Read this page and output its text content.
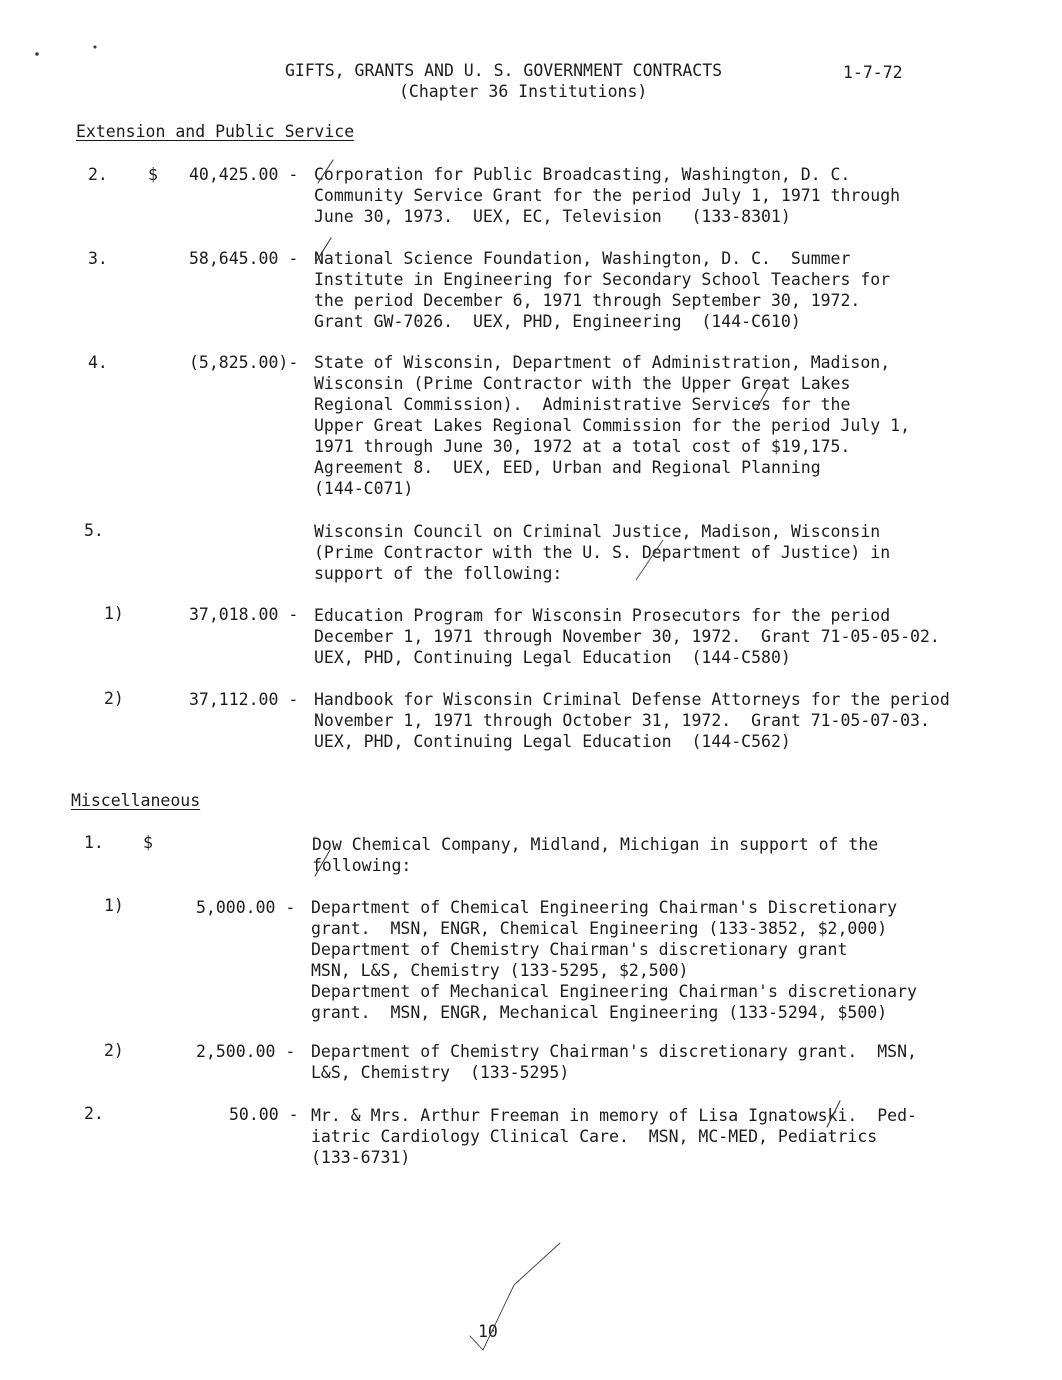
GIFTS, GRANTS AND U. S. GOVERNMENT CONTRACTS
(Chapter 36 Institutions)
1-7-72
Extension and Public Service
2. $ 40,425.00 - Corporation for Public Broadcasting, Washington, D. C.
Community Service Grant for the period July 1, 1971 through
June 30, 1973.  UEX, EC, Television   (133-8301)
3.	58,645.00 - National Science Foundation, Washington, D. C.  Summer
Institute in Engineering for Secondary School Teachers for
the period December 6, 1971 through September 30, 1972.
Grant GW-7026.  UEX, PHD, Engineering  (144-C610)
4.	(5,825.00)- State of Wisconsin, Department of Administration, Madison,
Wisconsin (Prime Contractor with the Upper Great Lakes
Regional Commission).  Administrative Services for the
Upper Great Lakes Regional Commission for the period July 1,
1971 through June 30, 1972 at a total cost of $19,175.
Agreement 8.  UEX, EED, Urban and Regional Planning
(144-C071)
5.	Wisconsin Council on Criminal Justice, Madison, Wisconsin
(Prime Contractor with the U. S. Department of Justice) in
support of the following:
1)	37,018.00 - Education Program for Wisconsin Prosecutors for the period
December 1, 1971 through November 30, 1972.  Grant 71-05-05-02.
UEX, PHD, Continuing Legal Education  (144-C580)
2)	37,112.00 - Handbook for Wisconsin Criminal Defense Attorneys for the period
November 1, 1971 through October 31, 1972.  Grant 71-05-07-03.
UEX, PHD, Continuing Legal Education  (144-C562)
Miscellaneous
1. $	Dow Chemical Company, Midland, Michigan in support of the
following:
1)	5,000.00 - Department of Chemical Engineering Chairman's Discretionary
grant.  MSN, ENGR, Chemical Engineering (133-3852, $2,000)
Department of Chemistry Chairman's discretionary grant
MSN, L&S, Chemistry (133-5295, $2,500)
Department of Mechanical Engineering Chairman's discretionary
grant.  MSN, ENGR, Mechanical Engineering (133-5294, $500)
2)	2,500.00 - Department of Chemistry Chairman's discretionary grant.  MSN,
L&S, Chemistry  (133-5295)
2.	50.00 - Mr. & Mrs. Arthur Freeman in memory of Lisa Ignatowski.  Ped-
iatric Cardiology Clinical Care.  MSN, MC-MED, Pediatrics
(133-6731)
10
